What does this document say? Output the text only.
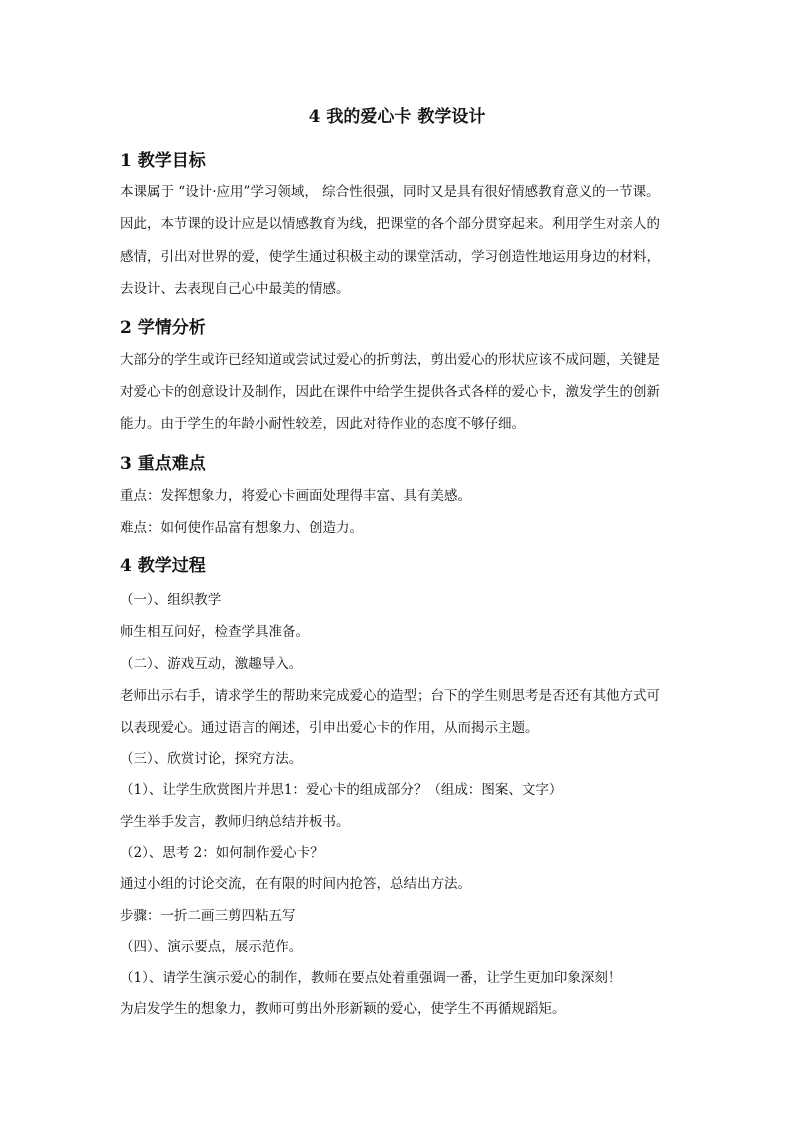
4 我的爱心卡 教学设计
1 教学目标
本课属于 “设计·应用”学习领域， 综合性很强，同时又是具有很好情感教育意义的一节课。
因此，本节课的设计应是以情感教育为线，把课堂的各个部分贯穿起来。利用学生对亲人的
感情，引出对世界的爱，使学生通过积极主动的课堂活动，学习创造性地运用身边的材料，
去设计、去表现自己心中最美的情感。
2 学情分析
大部分的学生或许已经知道或尝试过爱心的折剪法，剪出爱心的形状应该不成问题，关键是
对爱心卡的创意设计及制作，因此在课件中给学生提供各式各样的爱心卡，激发学生的创新
能力。由于学生的年龄小耐性较差，因此对待作业的态度不够仔细。
3 重点难点
重点：发挥想象力，将爱心卡画面处理得丰富、具有美感。
难点：如何使作品富有想象力、创造力。
4 教学过程
（一）、组织教学
师生相互问好，检查学具准备。
（二）、游戏互动，激趣导入。
老师出示右手，请求学生的帮助来完成爱心的造型；台下的学生则思考是否还有其他方式可
以表现爱心。通过语言的阐述，引申出爱心卡的作用，从而揭示主题。
（三）、欣赏讨论，探究方法。
（1）、让学生欣赏图片并思1：爱心卡的组成部分？（组成：图案、文字）
学生举手发言，教师归纳总结并板书。
（2）、思考 2：如何制作爱心卡？
通过小组的讨论交流，在有限的时间内抢答，总结出方法。
步骤：一折二画三剪四粘五写
（四）、演示要点，展示范作。
（1）、请学生演示爱心的制作，教师在要点处着重强调一番，让学生更加印象深刻！
为启发学生的想象力，教师可剪出外形新颖的爱心，使学生不再循规蹈矩。
